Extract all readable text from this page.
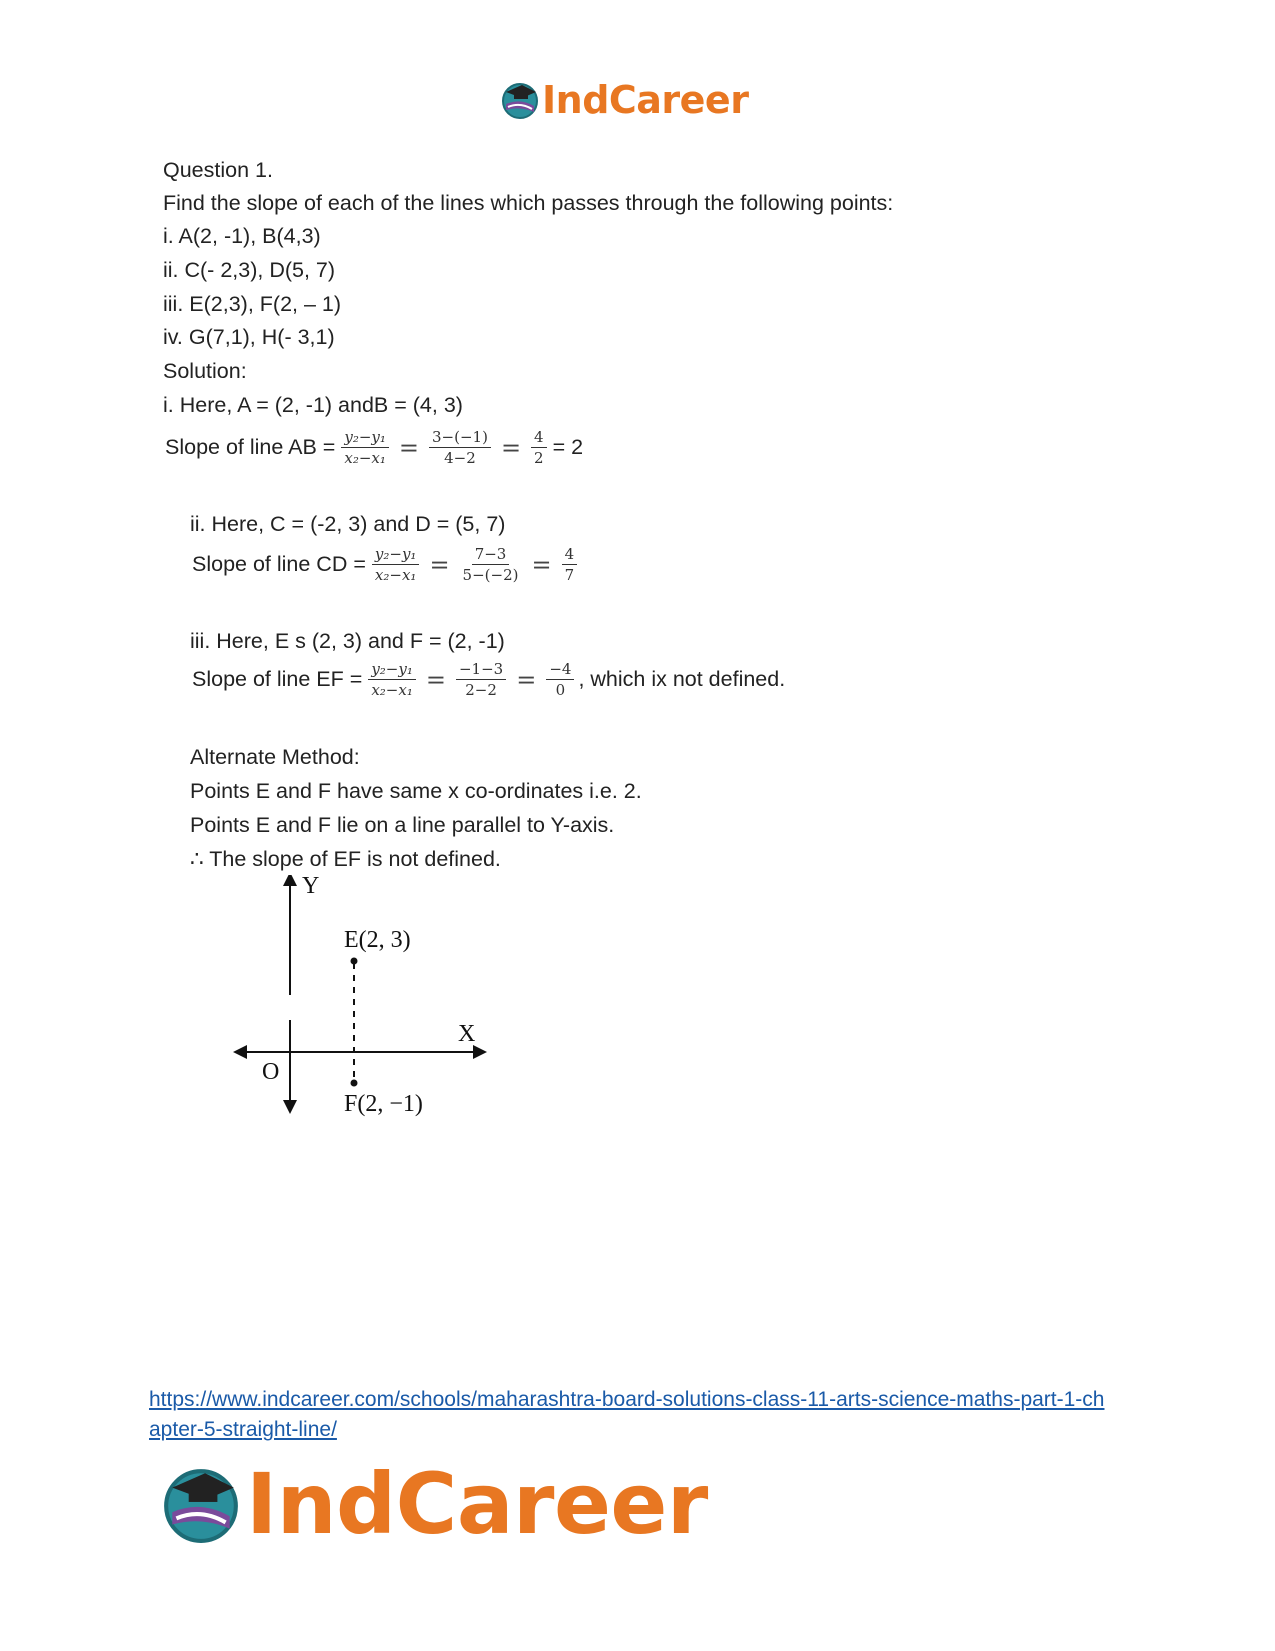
IndCareer
Question 1.
Find the slope of each of the lines which passes through the following points:
i. A(2, -1), B(4,3)
ii. C(- 2,3), D(5, 7)
iii. E(2,3), F(2, – 1)
iv. G(7,1), H(- 3,1)
Solution:
i. Here, A = (2, -1) andB = (4, 3)
Slope of line AB = $\frac{\text{y₂−y₁}}{\text{x₂−x₁}} = \frac{3-(-1)}{4-2} = \frac{4}{2} = 2$
ii. Here, C = (-2, 3) and D = (5, 7)
Slope of line CD = $\frac{\text{y₂−y₁}}{\text{x₂−x₁}} = \frac{7-3}{5-(-2)} = \frac{4}{7}$
iii. Here, E s (2, 3) and F = (2, -1)
Slope of line EF = $\frac{\text{y₂−y₁}}{\text{x₂−x₁}} = \frac{-1-3}{2-2} = \frac{-4}{0}$ , which ix not defined.
Alternate Method:
Points E and F have same x co-ordinates i.e. 2.
Points E and F lie on a line parallel to Y-axis.
∴ The slope of EF is not defined.
Y
X
O
E(2, 3)
F(2, −1)
https://www.indcareer.com/schools/maharashtra-board-solutions-class-11-arts-science-maths-part-1-chapter-5-straight-line/
IndCareer
